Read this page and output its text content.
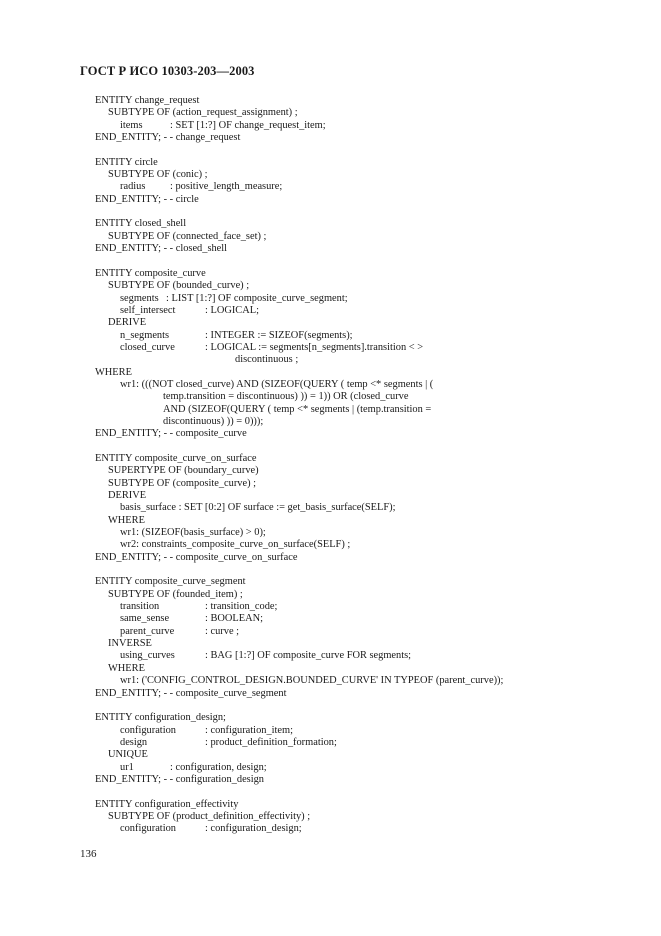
ГОСТ Р ИСО 10303-203—2003
ENTITY change_request
SUBTYPE OF (action_request_assignment) ;
items	: SET [1:?] OF change_request_item;
END_ENTITY; - - change_request
ENTITY circle
SUBTYPE OF (conic) ;
radius : positive_length_measure;
END_ENTITY; - - circle
ENTITY closed_shell
SUBTYPE OF (connected_face_set) ;
END_ENTITY; - - closed_shell
ENTITY composite_curve
SUBTYPE OF (bounded_curve) ;
segments : LIST [1:?] OF composite_curve_segment;
self_intersect	: LOGICAL;
DERIVE
n_segments	: INTEGER := SIZEOF(segments);
closed_curve	: LOGICAL := segments[n_segments].transition < >
discontinuous ;
WHERE
wr1: (((NOT closed_curve) AND (SIZEOF(QUERY ( temp <* segments | (
temp.transition = discontinuous) )) = 1)) OR (closed_curve
AND (SIZEOF(QUERY ( temp <* segments | (temp.transition =
discontinuous) )) = 0)));
END_ENTITY; - - composite_curve
ENTITY composite_curve_on_surface
SUPERTYPE OF (boundary_curve)
SUBTYPE OF (composite_curve) ;
DERIVE
basis_surface : SET [0:2] OF surface := get_basis_surface(SELF);
WHERE
wr1: (SIZEOF(basis_surface) > 0);
wr2: constraints_composite_curve_on_surface(SELF) ;
END_ENTITY; - - composite_curve_on_surface
ENTITY composite_curve_segment
SUBTYPE OF (founded_item) ;
transition	: transition_code;
same_sense	: BOOLEAN;
parent_curve	: curve ;
INVERSE
using_curves	: BAG [1:?] OF composite_curve FOR segments;
WHERE
wr1: ('CONFIG_CONTROL_DESIGN.BOUNDED_CURVE' IN TYPEOF (parent_curve));
END_ENTITY; - - composite_curve_segment
ENTITY configuration_design;
configuration	: configuration_item;
design	: product_definition_formation;
UNIQUE
ur1	: configuration, design;
END_ENTITY; - - configuration_design
ENTITY configuration_effectivity
SUBTYPE OF (product_definition_effectivity) ;
configuration	: configuration_design;
136
